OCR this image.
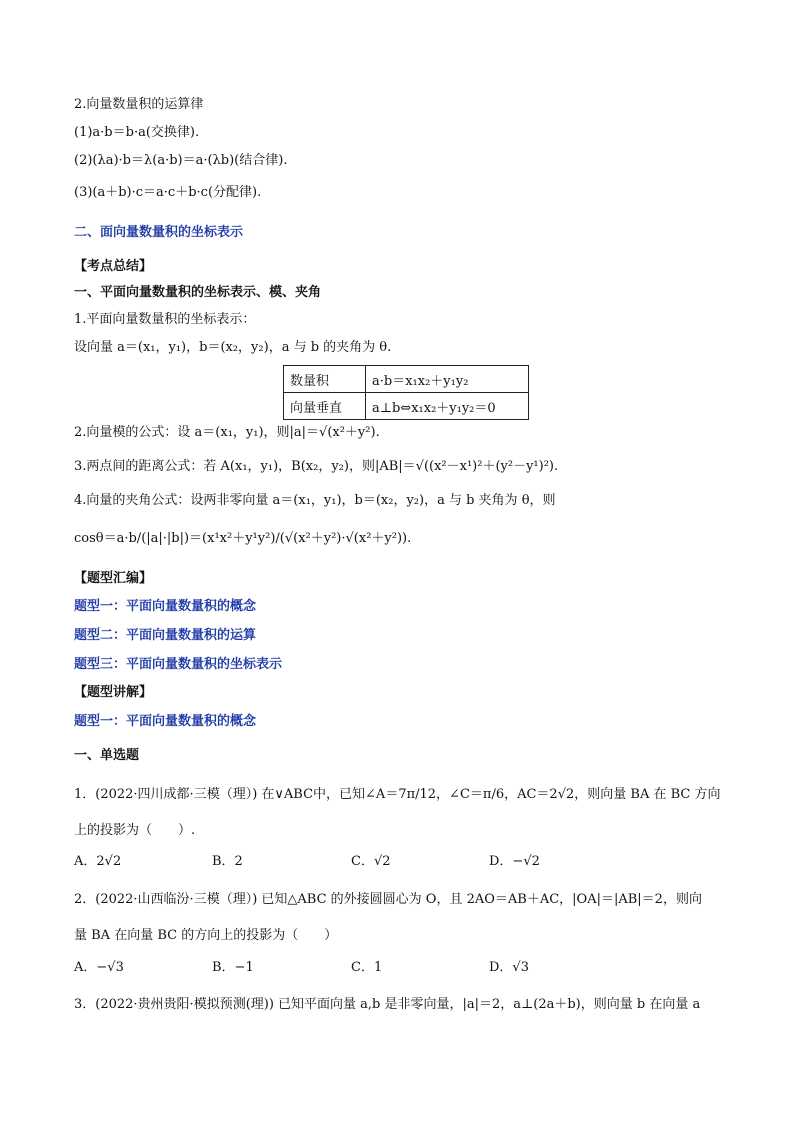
2.向量数量积的运算律
(1)a·b＝b·a(交换律).
(2)(λa)·b＝λ(a·b)＝a·(λb)(结合律).
(3)(a＋b)·c＝a·c＋b·c(分配律).
二、面向量数量积的坐标表示
【考点总结】
一、平面向量数量积的坐标表示、模、夹角
1.平面向量数量积的坐标表示：
设向量 a＝(x₁，y₁)，b＝(x₂，y₂)，a 与 b 的夹角为 θ.
数量积	a·b＝x₁x₂＋y₁y₂
向量垂直	a⊥b⇔x₁x₂＋y₁y₂＝0
2.向量模的公式：设 a＝(x₁，y₁)，则|a|＝√(x²＋y²).
3.两点间的距离公式：若 A(x₁，y₁)，B(x₂，y₂)，则|AB|＝√((x²－x¹)²＋(y²－y¹)²).
4.向量的夹角公式：设两非零向量 a＝(x₁，y₁)，b＝(x₂，y₂)，a 与 b 夹角为 θ，则
cosθ＝a·b/(|a|·|b|)＝(x¹x²＋y¹y²)/(√(x²＋y²)·√(x²＋y²)).
【题型汇编】
题型一：平面向量数量积的概念
题型二：平面向量数量积的运算
题型三：平面向量数量积的坐标表示
【题型讲解】
题型一：平面向量数量积的概念
一、单选题
1．(2022·四川成都·三模（理）) 在∨ABC中，已知∠A＝7π/12，∠C＝π/6，AC＝2√2，则向量 BA 在 BC 方向
上的投影为（　　）.
A．2√2	B．2	C．√2	D．−√2
2．(2022·山西临汾·三模（理）) 已知△ABC 的外接圆圆心为 O，且 2AO＝AB＋AC，|OA|＝|AB|＝2，则向
量 BA 在向量 BC 的方向上的投影为（　　）
A．−√3	B．−1	C．1	D．√3
3．(2022·贵州贵阳·模拟预测(理)) 已知平面向量 a,b 是非零向量，|a|＝2，a⊥(2a＋b)，则向量 b 在向量 a
